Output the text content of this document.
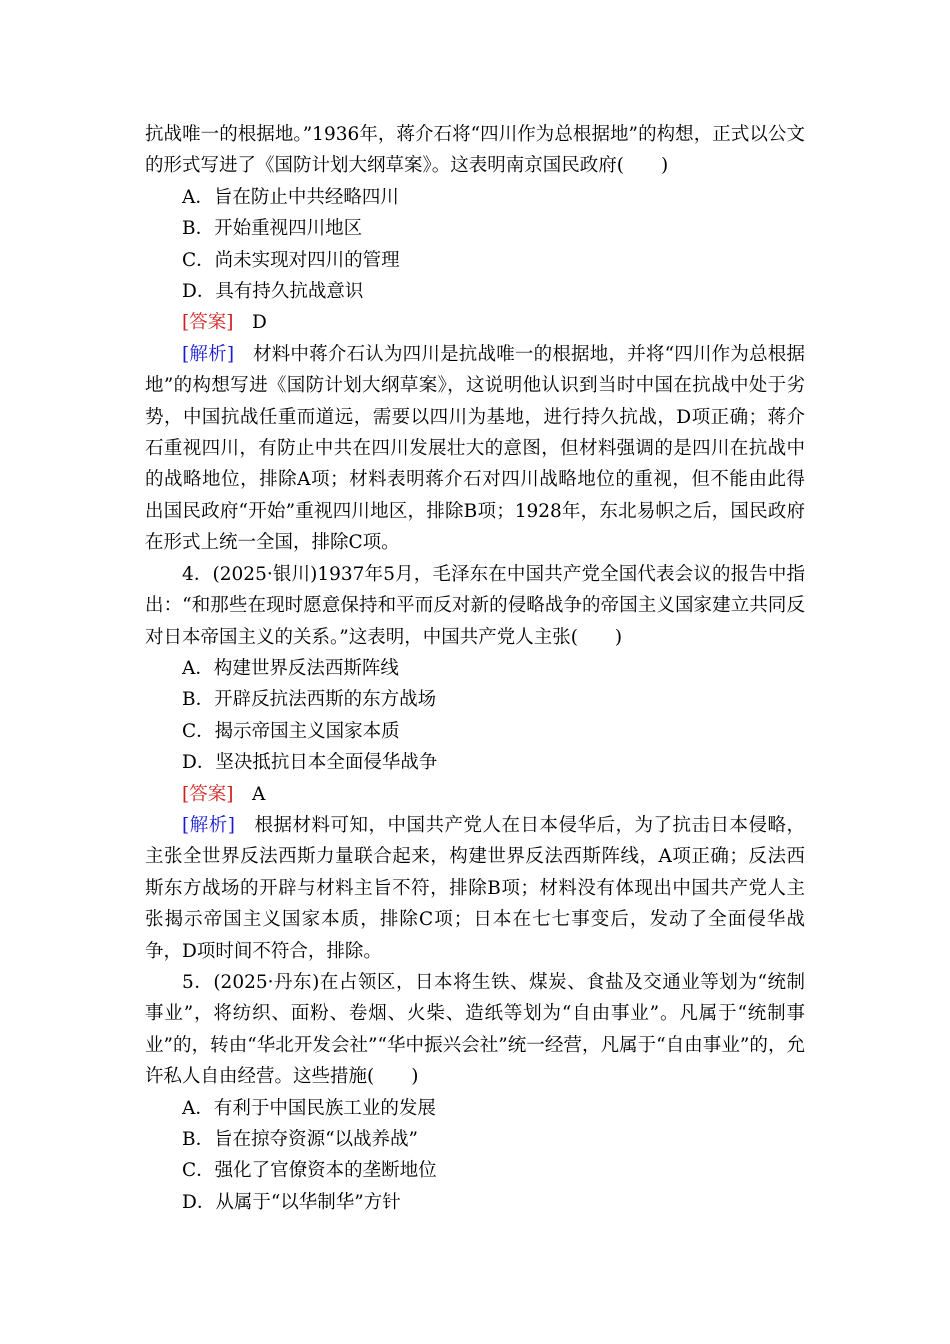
抗战唯一的根据地。”1936年，蒋介石将“四川作为总根据地”的构想，正式以公文的形式写进了《国防计划大纲草案》。这表明南京国民政府(　　)

A．旨在防止中共经略四川

B．开始重视四川地区

C．尚未实现对四川的管理

D．具有持久抗战意识

[答案]　 D

[解析]　 材料中蒋介石认为四川是抗战唯一的根据地，并将“四川作为总根据地”的构想写进《国防计划大纲草案》，这说明他认识到当时中国在抗战中处于劣势，中国抗战任重而道远，需要以四川为基地，进行持久抗战，D项正确；蒋介石重视四川，有防止中共在四川发展壮大的意图，但材料强调的是四川在抗战中的战略地位，排除A项；材料表明蒋介石对四川战略地位的重视，但不能由此得出国民政府“开始”重视四川地区，排除B项；1928年，东北易帜之后，国民政府在形式上统一全国，排除C项。

4．(2025·银川)1937年5月，毛泽东在中国共产党全国代表会议的报告中指出：“和那些在现时愿意保持和平而反对新的侵略战争的帝国主义国家建立共同反对日本帝国主义的关系。”这表明，中国共产党人主张(　　)

A．构建世界反法西斯阵线

B．开辟反抗法西斯的东方战场

C．揭示帝国主义国家本质

D．坚决抵抗日本全面侵华战争

[答案]　 A

[解析]　 根据材料可知，中国共产党人在日本侵华后，为了抗击日本侵略，主张全世界反法西斯力量联合起来，构建世界反法西斯阵线，A项正确；反法西斯东方战场的开辟与材料主旨不符，排除B项；材料没有体现出中国共产党人主张揭示帝国主义国家本质，排除C项；日本在七七事变后，发动了全面侵华战争，D项时间不符合，排除。

5．(2025·丹东)在占领区，日本将生铁、煤炭、食盐及交通业等划为“统制事业”，将纺织、面粉、卷烟、火柴、造纸等划为“自由事业”。凡属于“统制事业”的，转由“华北开发会社”“华中振兴会社”统一经营，凡属于“自由事业”的，允许私人自由经营。这些措施(　　)

A．有利于中国民族工业的发展

B．旨在掠夺资源“以战养战”

C．强化了官僚资本的垄断地位

D．从属于“以华制华”方针
